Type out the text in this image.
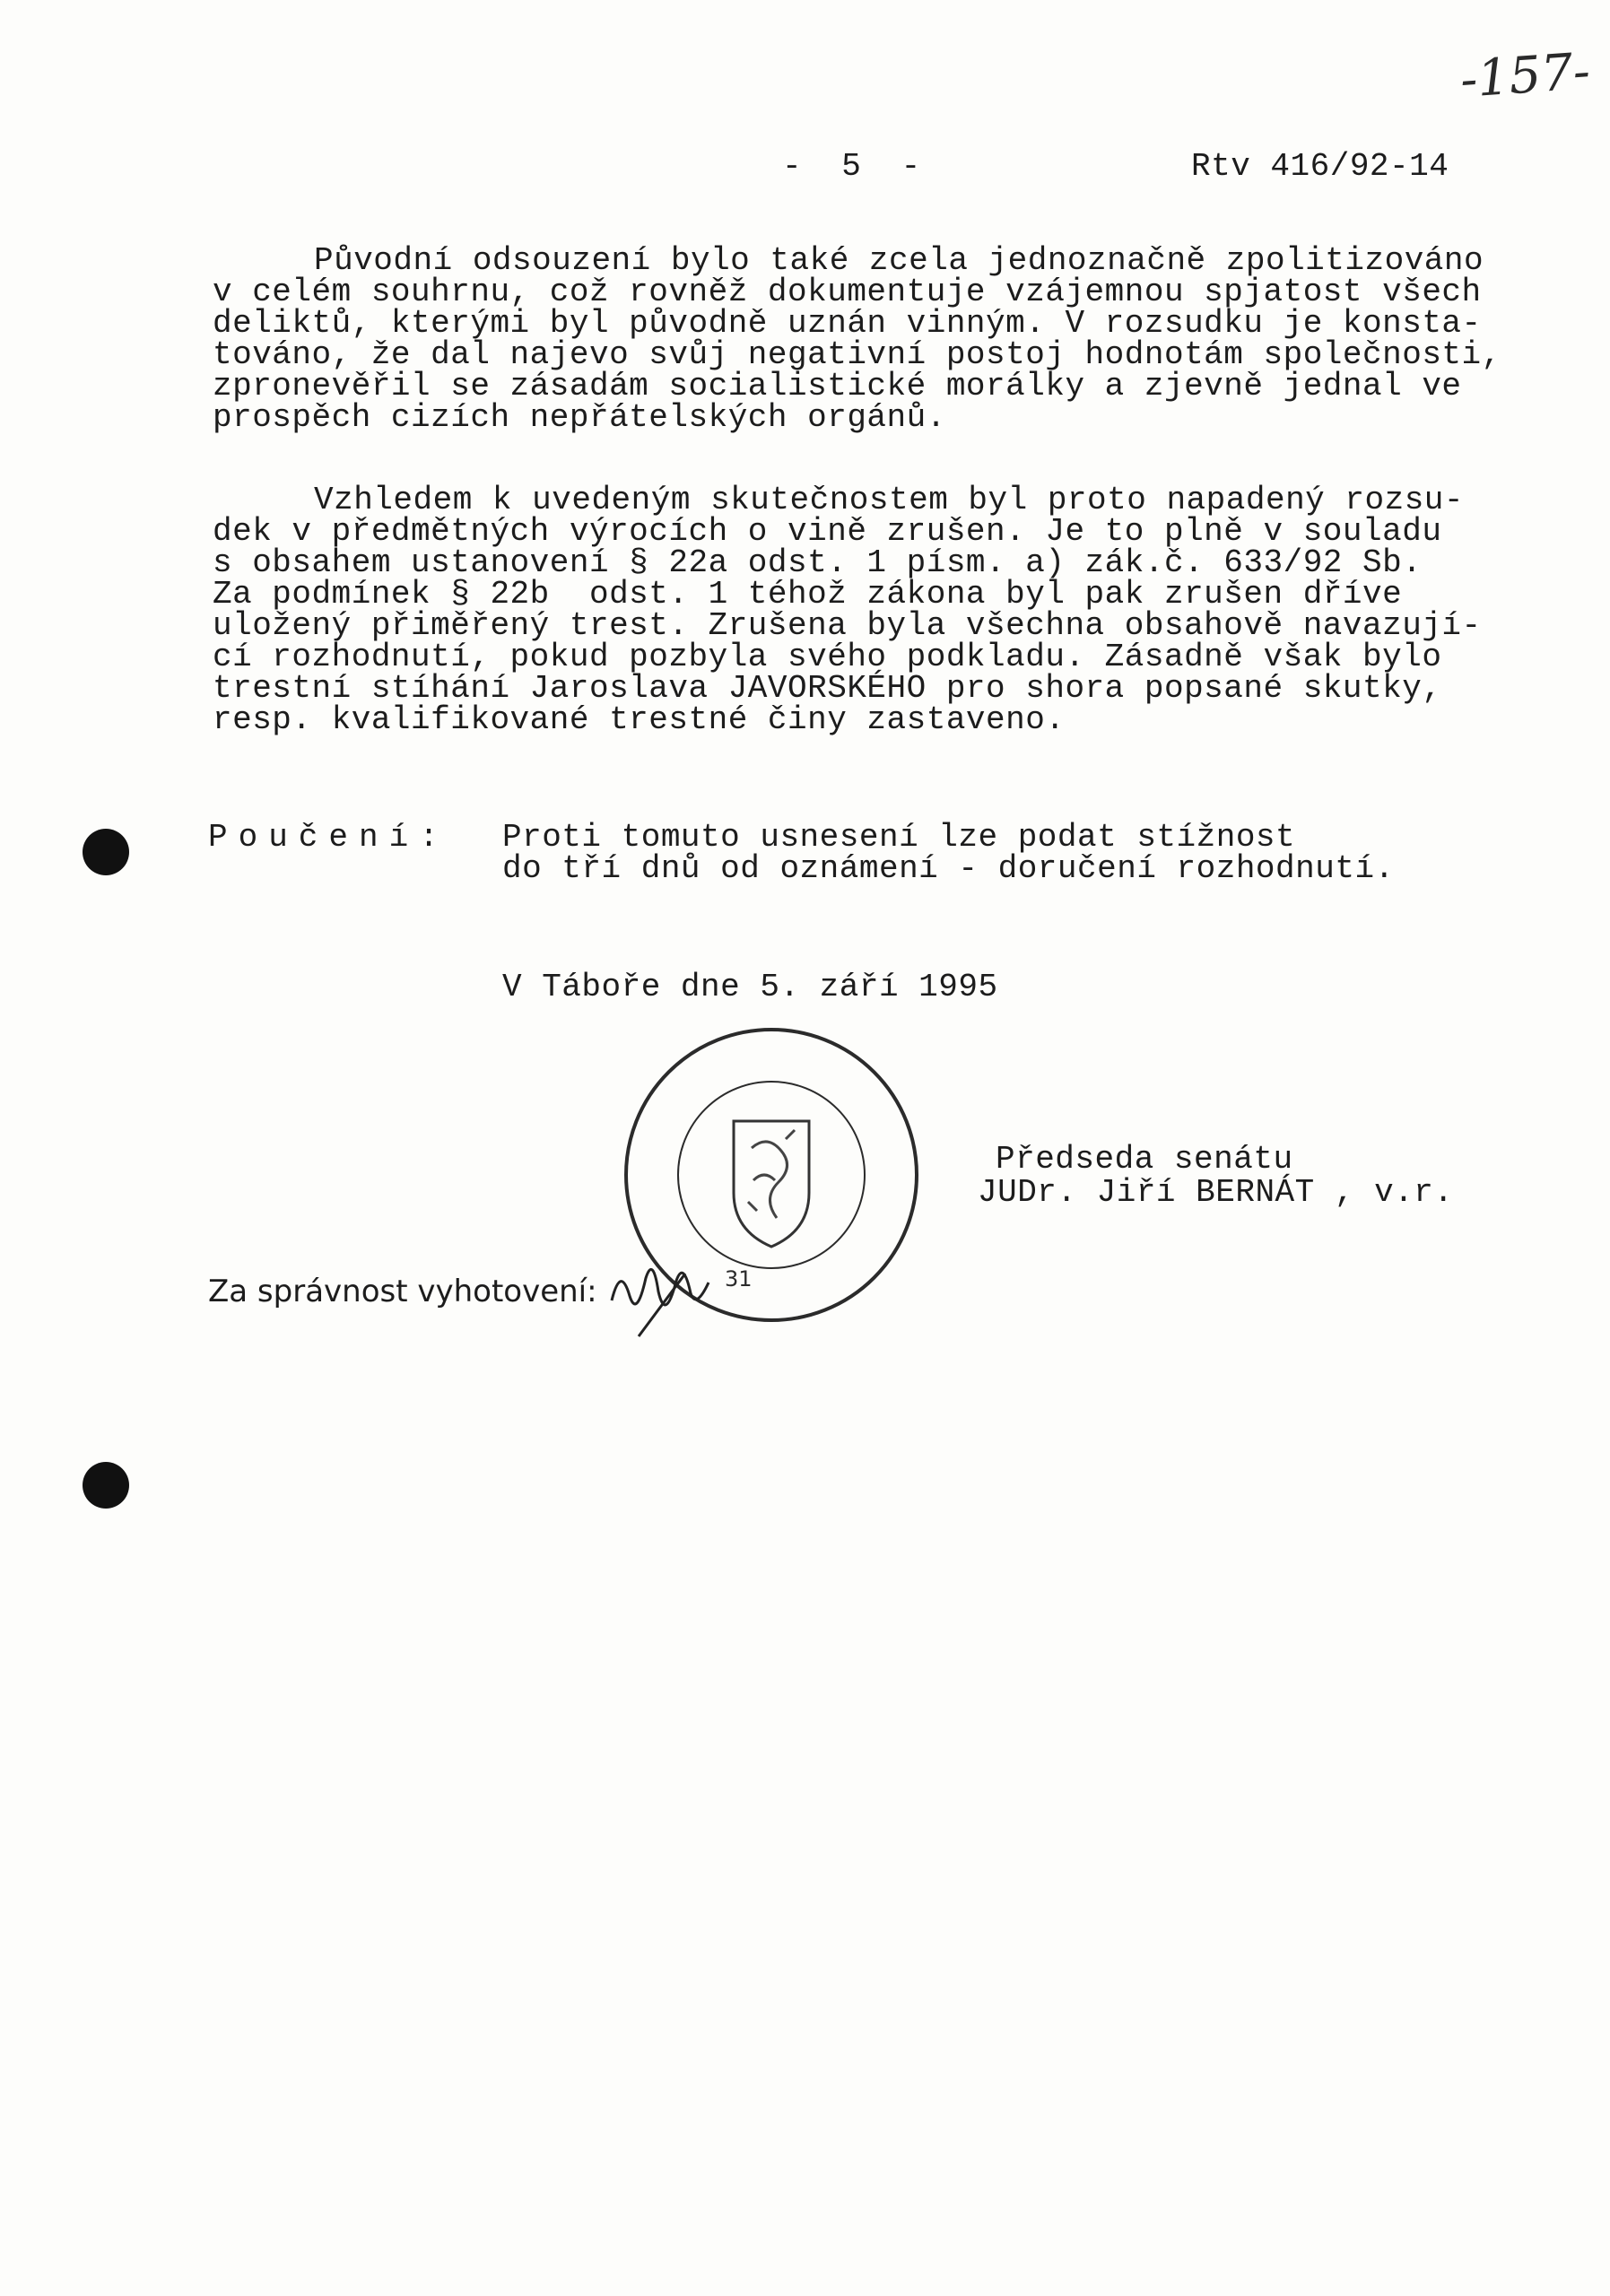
-157-
-  5  -	Rtv 416/92-14
Původní odsouzení bylo také zcela jednoznačně zpolitizováno
v celém souhrnu, což rovněž dokumentuje vzájemnou spjatost všech
deliktů, kterými byl původně uznán vinným. V rozsudku je konsta-
továno, že dal najevo svůj negativní postoj hodnotám společnosti,
zpronevěřil se zásadám socialistické morálky a zjevně jednal ve
prospěch cizích nepřátelských orgánů.
Vzhledem k uvedeným skutečnostem byl proto napadený rozsu-
dek v předmětných výrocích o vině zrušen. Je to plně v souladu
s obsahem ustanovení § 22a odst. 1 písm. a) zák.č. 633/92 Sb.
Za podmínek § 22b  odst. 1 téhož zákona byl pak zrušen dříve
uložený přiměřený trest. Zrušena byla všechna obsahově navazují-
cí rozhodnutí, pokud pozbyla svého podkladu. Zásadně však bylo
trestní stíhání Jaroslava JAVORSKÉHO pro shora popsané skutky,
resp. kvalifikované trestné činy zastaveno.
Poučení: Proti tomuto usnesení lze podat stížnost
do tří dnů od oznámení - doručení rozhodnutí.
V Táboře dne 5. září 1995
31
Předseda senátu
JUDr. Jiří BERNÁT , v.r.
Za správnost vyhotovení:
